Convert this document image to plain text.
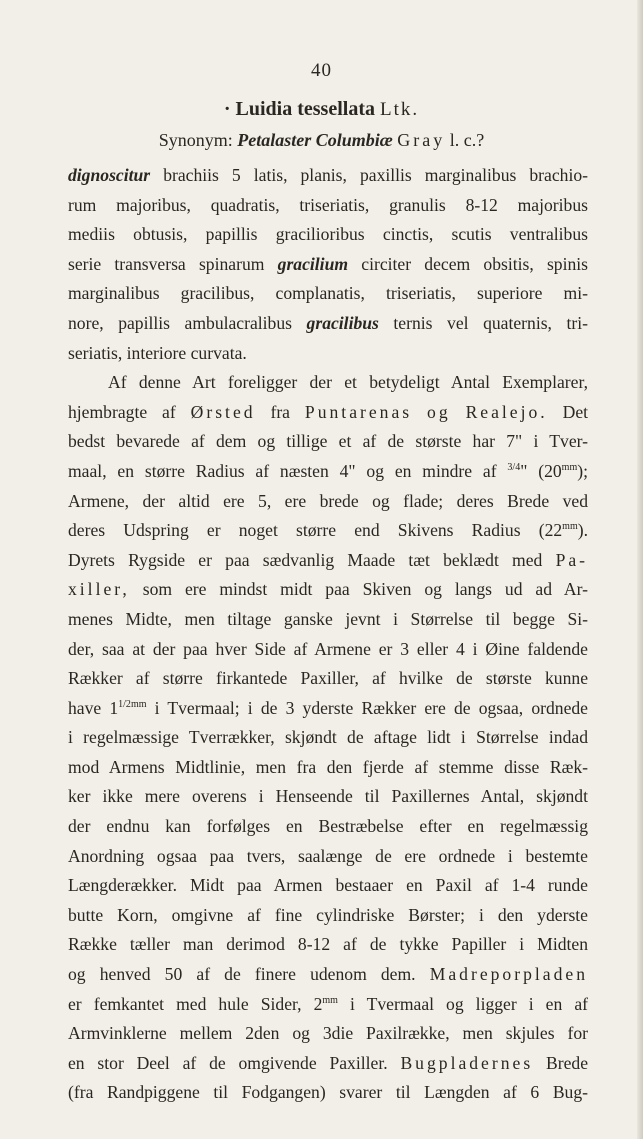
40
· Luidia tessellata Ltk.
Synonym: Petalaster Columbiæ Gray l. c.?
dignoscitur brachiis 5 latis, planis, paxillis marginalibus brachio-
rum majoribus, quadratis, triseriatis, granulis 8-12 majoribus
mediis obtusis, papillis gracilioribus cinctis, scutis ventralibus
serie transversa spinarum gracilium circiter decem obsitis, spinis
marginalibus gracilibus, complanatis, triseriatis, superiore mi-
nore, papillis ambulacralibus gracilibus ternis vel quaternis, tri-
seriatis, interiore curvata.
Af denne Art foreligger der et betydeligt Antal Exemplarer,
hjembragte af Ørsted fra Puntarenas og Realejo. Det
bedst bevarede af dem og tillige et af de største har 7" i Tver-
maal, en større Radius af næsten 4" og en mindre af $^{3/4}$" $(20^{mm})$;
Armene, der altid ere 5, ere brede og flade; deres Brede ved
deres Udspring er noget større end Skivens Radius $(22^{mm})$.
Dyrets Rygside er paa sædvanlig Maade tæt beklædt med Pa-
xiller, som ere mindst midt paa Skiven og langs ud ad Ar-
menes Midte, men tiltage ganske jevnt i Størrelse til begge Si-
der, saa at der paa hver Side af Armene er 3 eller 4 i Øine faldende
Rækker af større firkantede Paxiller, af hvilke de største kunne
have $1^{1/2mm}$ i Tvermaal; i de 3 yderste Rækker ere de ogsaa, ordnede
i regelmæssige Tverrækker, skjøndt de aftage lidt i Størrelse indad
mod Armens Midtlinie, men fra den fjerde af stemme disse Ræk-
ker ikke mere overens i Henseende til Paxillernes Antal, skjøndt
der endnu kan forfølges en Bestræbelse efter en regelmæssig
Anordning ogsaa paa tvers, saalænge de ere ordnede i bestemte
Længderækker. Midt paa Armen bestaaer en Paxil af 1-4 runde
butte Korn, omgivne af fine cylindriske Børster; i den yderste
Række tæller man derimod 8-12 af de tykke Papiller i Midten
og henved 50 af de finere udenom dem. Madreporpladen
er femkantet med hule Sider, $2^{mm}$ i Tvermaal og ligger i en af
Armvinklerne mellem 2den og 3die Paxilrække, men skjules for
en stor Deel af de omgivende Paxiller. Bugpladernes Brede
(fra Randpiggene til Fodgangen) svarer til Længden af 6 Bug-
